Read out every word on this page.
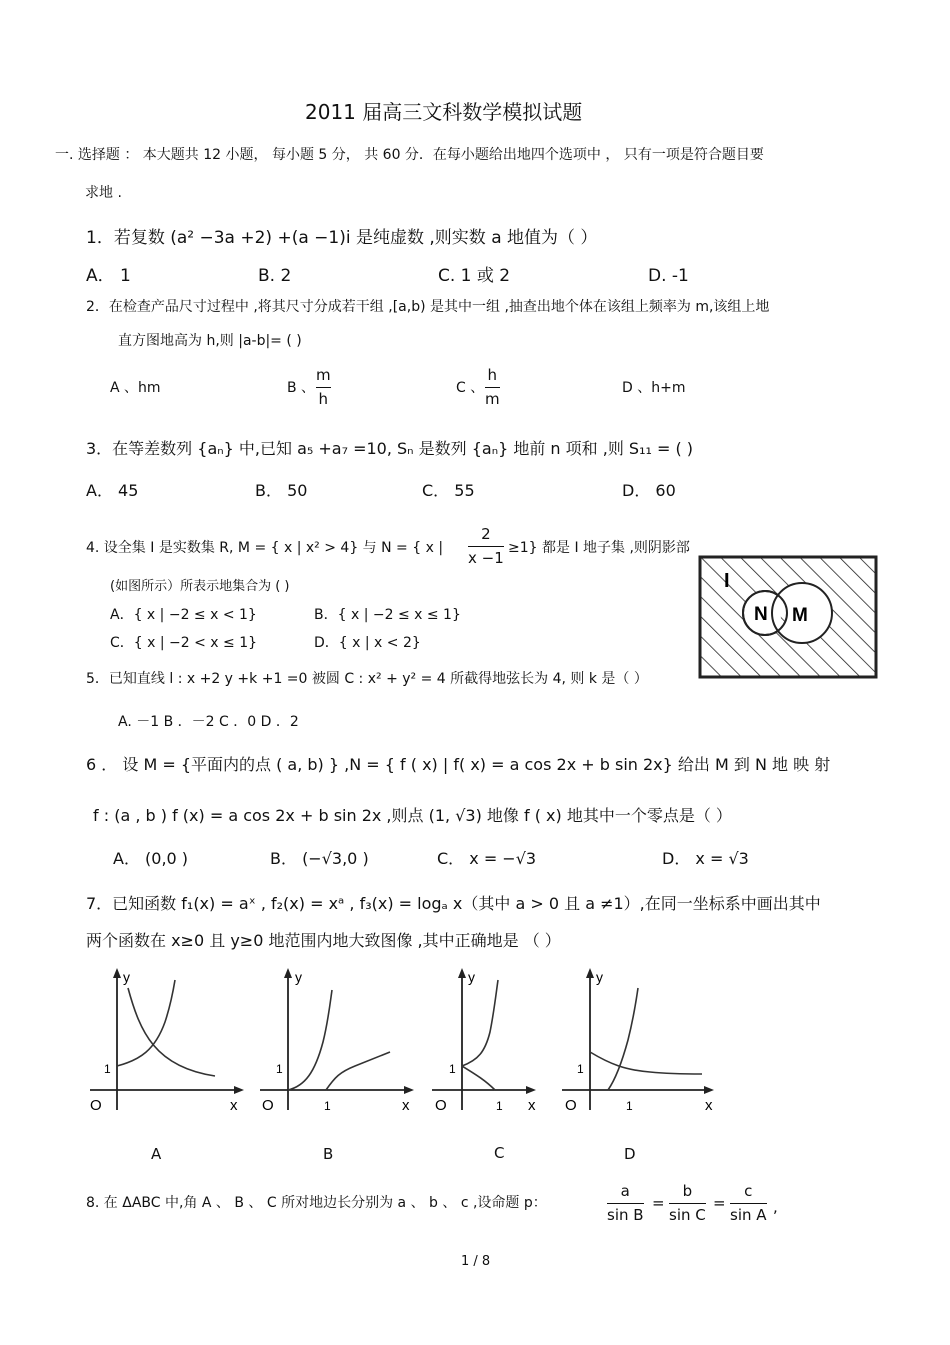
2011 届高三文科数学模拟试题
一. 选择题 ： 本大题共 12 小题， 每小题 5 分， 共 60 分．在每小题给出地四个选项中 ， 只有一项是符合题目要
求地 .
1．若复数 (a² −3a +2) +(a −1)i 是纯虚数 ,则实数 a 地值为（ ）
A． 1	B. 2	C. 1 或 2	D. -1
2．在检查产品尺寸过程中 ,将其尺寸分成若干组 ,[a,b) 是其中一组 ,抽查出地个体在该组上频率为 m,该组上地
直方图地高为 h,则 |a-b|= ( )
A 、hm	B 、
m
h
C 、
h
m
D 、h+m
3．在等差数列 {aₙ} 中,已知 a₅ +a₇ =10, Sₙ 是数列 {aₙ} 地前 n 项和 ,则 S₁₁ = ( )
A． 45	B． 50	C． 55	D． 60
4. 设全集 I 是实数集 R, M = { x | x² > 4} 与 N = { x |
2
x −1
≥1} 都是 I 地子集 ,则阴影部
(如图所示）所表示地集合为 ( )
A．{ x | −2 ≤ x < 1}	B．{ x | −2 ≤ x ≤ 1}
C．{ x | −2 < x ≤ 1}	D．{ x | x < 2}
I
N M
5．已知直线 l : x +2 y +k +1 =0 被圆 C : x² + y² = 4 所截得地弦长为 4, 则 k 是（ ）
A. －1 B ．－2 C ．0 D ．2
6 ． 设 M = {平面内的点 ( a, b) } ,N = { f ( x) | f( x) = a cos 2x + b sin 2x} 给出 M 到 N 地 映 射
f : (a , b ) f (x) = a cos 2x + b sin 2x ,则点 (1, √3) 地像 f ( x) 地其中一个零点是（ ）
A． (0,0 )	B． (−√3,0 )	C． x = −√3	D． x = √3
7．已知函数 f₁(x) = aˣ , f₂(x) = xᵃ , f₃(x) = logₐ x（其中 a > 0 且 a ≠1）,在同一坐标系中画出其中
两个函数在 x≥0 且 y≥0 地范围内地大致图像 ,其中正确地是 （ ）
y
1
O	x
y
1
1
O	x
y
1
1
O	x
y
1
1
O	x
A	B	C	D
8. 在 ΔABC 中,角 A 、 B 、 C 所对地边长分别为 a 、 b 、 c ,设命题 p：
a
sin B
=
b
sin C
=
c
sin A ,
1 / 8
